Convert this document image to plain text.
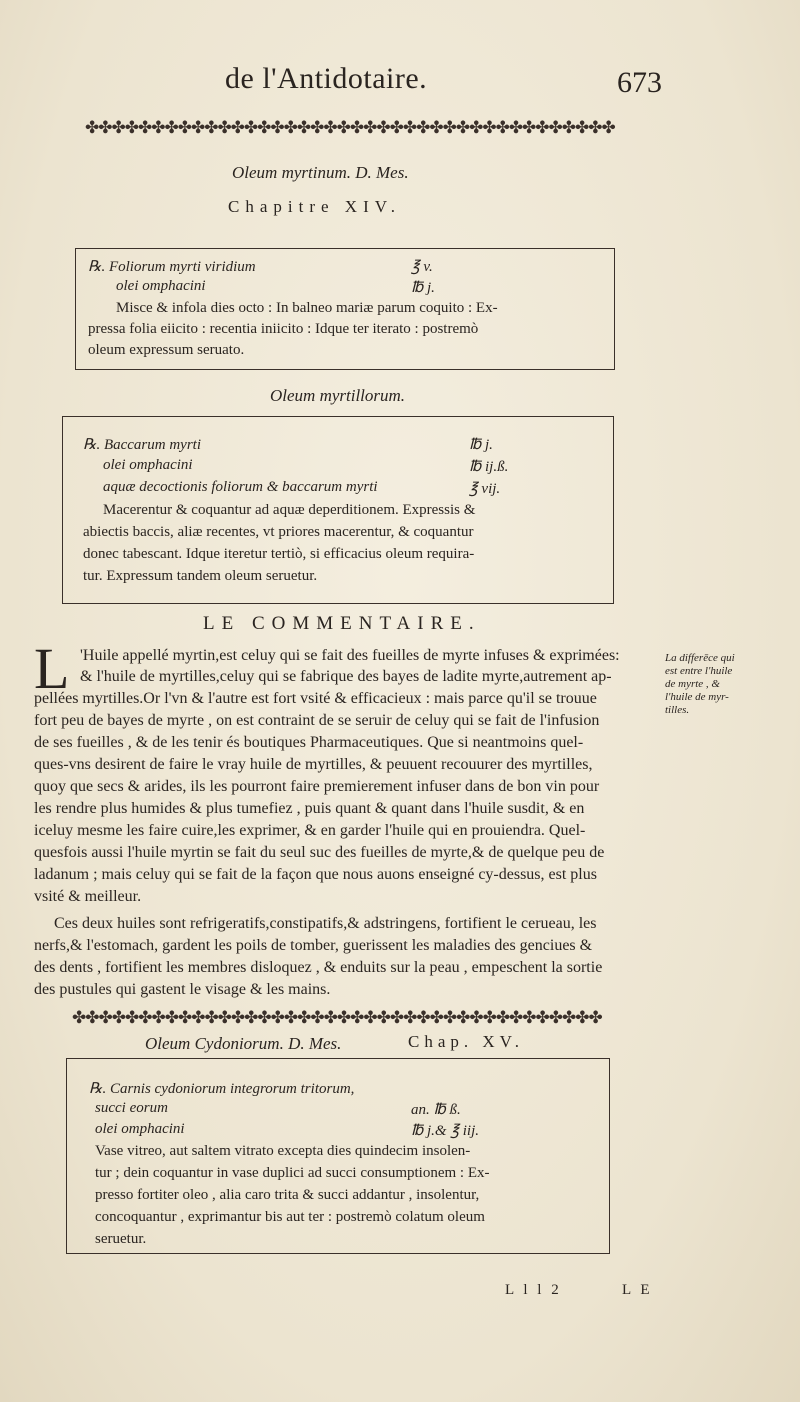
de l'Antidotaire.	673
✤✤✤✤✤✤✤✤✤✤✤✤✤✤✤✤✤✤✤✤✤✤✤✤✤✤✤✤✤✤✤✤✤✤✤✤✤✤✤✤
Oleum myrtinum. D. Mes.
Chapitre XIV.
℞. Foliorum myrti viridium	℥ v.
olei omphacini	℔ j.
Misce & infola dies octo : In balneo mariæ parum coquito : Ex-
pressa folia eiicito : recentia iniicito : Idque ter iterato : postremò
oleum expressum seruato.
Oleum myrtillorum.
℞. Baccarum myrti	℔ j.
olei omphacini	℔ ij.ß.
aquæ decoctionis foliorum & baccarum myrti	℥ vij.
Macerentur & coquantur ad aquæ deperditionem. Expressis &
abiectis baccis, aliæ recentes, vt priores macerentur, & coquantur
donec tabescant. Idque iteretur tertiò, si efficacius oleum requira-
tur. Expressum tandem oleum seruetur.
LE COMMENTAIRE.
L 'Huile appellé myrtin,est celuy qui se fait des fueilles de myrte infuses & exprimées:
& l'huile de myrtilles,celuy qui se fabrique des bayes de ladite myrte,autrement ap-
pellées myrtilles.Or l'vn & l'autre est fort vsité & efficacieux : mais parce qu'il se trouue
fort peu de bayes de myrte , on est contraint de se seruir de celuy qui se fait de l'infusion
de ses fueilles , & de les tenir és boutiques Pharmaceutiques. Que si neantmoins quel-
ques-vns desirent de faire le vray huile de myrtilles, & peuuent recouurer des myrtilles,
quoy que secs & arides, ils les pourront faire premierement infuser dans de bon vin pour
les rendre plus humides & plus tumefiez , puis quant & quant dans l'huile susdit, & en
iceluy mesme les faire cuire,les exprimer, & en garder l'huile qui en prouiendra. Quel-
quesfois aussi l'huile myrtin se fait du seul suc des fueilles de myrte,& de quelque peu de
ladanum ; mais celuy qui se fait de la façon que nous auons enseigné cy-dessus, est plus
vsité & meilleur.
Ces deux huiles sont refrigeratifs,constipatifs,& adstringens, fortifient le cerueau, les
nerfs,& l'estomach, gardent les poils de tomber, guerissent les maladies des genciues &
des dents , fortifient les membres disloquez , & enduits sur la peau , empeschent la sortie
des pustules qui gastent le visage & les mains.
La differēce qui
est entre l'huile
de myrte , &
l'huile de myr-
tilles.
✤✤✤✤✤✤✤✤✤✤✤✤✤✤✤✤✤✤✤✤✤✤✤✤✤✤✤✤✤✤✤✤✤✤✤✤✤✤✤✤
Oleum Cydoniorum. D. Mes.	Chap. XV.
℞. Carnis cydoniorum integrorum tritorum,
succi eorum	an. ℔ ß.
olei omphacini	℔ j.& ℥ iij.
Vase vitreo, aut saltem vitrato excepta dies quindecim insolen-
tur ; dein coquantur in vase duplici ad succi consumptionem : Ex-
presso fortiter oleo , alia caro trita & succi addantur , insolentur,
concoquantur , exprimantur bis aut ter : postremò colatum oleum
seruetur.
L l l 2	L E
